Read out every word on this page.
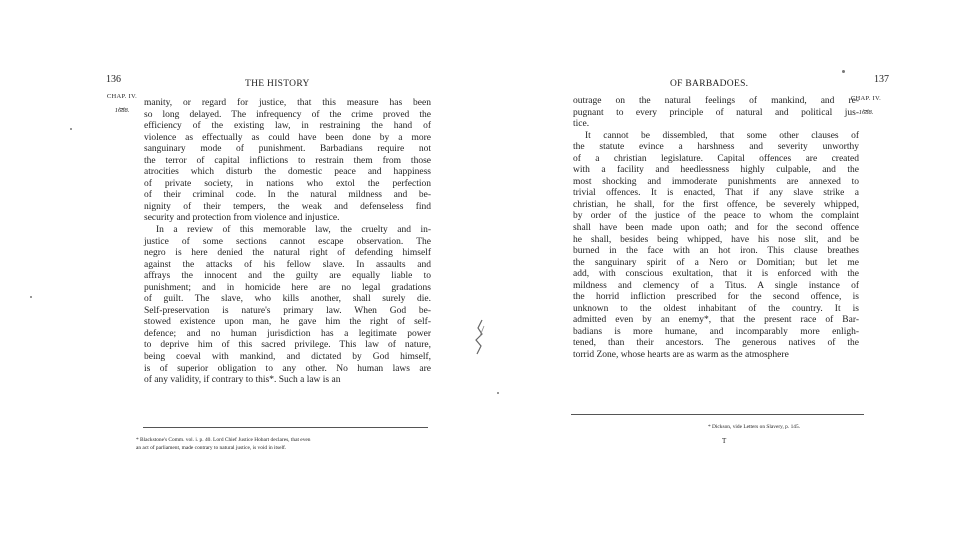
136	THE HISTORY
CHAP. IV.
⏟
1688.
manity, or regard for justice, that this measure has been
so long delayed. The infrequency of the crime proved the
efficiency of the existing law, in restraining the hand of
violence as effectually as could have been done by a more
sanguinary mode of punishment. Barbadians require not
the terror of capital inflictions to restrain them from those
atrocities which disturb the domestic peace and happiness
of private society, in nations who extol the perfection
of their criminal code. In the natural mildness and be-
nignity of their tempers, the weak and defenseless find
security and protection from violence and injustice.
In a review of this memorable law, the cruelty and in-
justice of some sections cannot escape observation. The
negro is here denied the natural right of defending himself
against the attacks of his fellow slave. In assaults and
affrays the innocent and the guilty are equally liable to
punishment; and in homicide here are no legal gradations
of guilt. The slave, who kills another, shall surely die.
Self-preservation is nature's primary law. When God be-
stowed existence upon man, he gave him the right of self-
defence; and no human jurisdiction has a legitimate power
to deprive him of this sacred privilege. This law of nature,
being coeval with mankind, and dictated by God himself,
is of superior obligation to any other. No human laws are
of any validity, if contrary to this*. Such a law is an
* Blackstone's Comm. vol. i. p. 40. Lord Chief Justice Hobart declares, that even
an act of parliament, made contrary to natural justice, is void in itself.
137
OF BARBADOES.
CHAP. IV.
⏟
1688.
outrage on the natural feelings of mankind, and re-
pugnant to every principle of natural and political jus-
tice.
It cannot be dissembled, that some other clauses of
the statute evince a harshness and severity unworthy
of a christian legislature. Capital offences are created
with a facility and heedlessness highly culpable, and the
most shocking and immoderate punishments are annexed to
trivial offences. It is enacted, That if any slave strike a
christian, he shall, for the first offence, be severely whipped,
by order of the justice of the peace to whom the complaint
shall have been made upon oath; and for the second offence
he shall, besides being whipped, have his nose slit, and be
burned in the face with an hot iron. This clause breathes
the sanguinary spirit of a Nero or Domitian; but let me
add, with conscious exultation, that it is enforced with the
mildness and clemency of a Titus. A single instance of
the horrid infliction prescribed for the second offence, is
unknown to the oldest inhabitant of the country. It is
admitted even by an enemy*, that the present race of Bar-
badians is more humane, and incomparably more enligh-
tened, than their ancestors. The generous natives of the
torrid Zone, whose hearts are as warm as the atmosphere
* Dickson, vide Letters on Slavery, p. 145.
T
